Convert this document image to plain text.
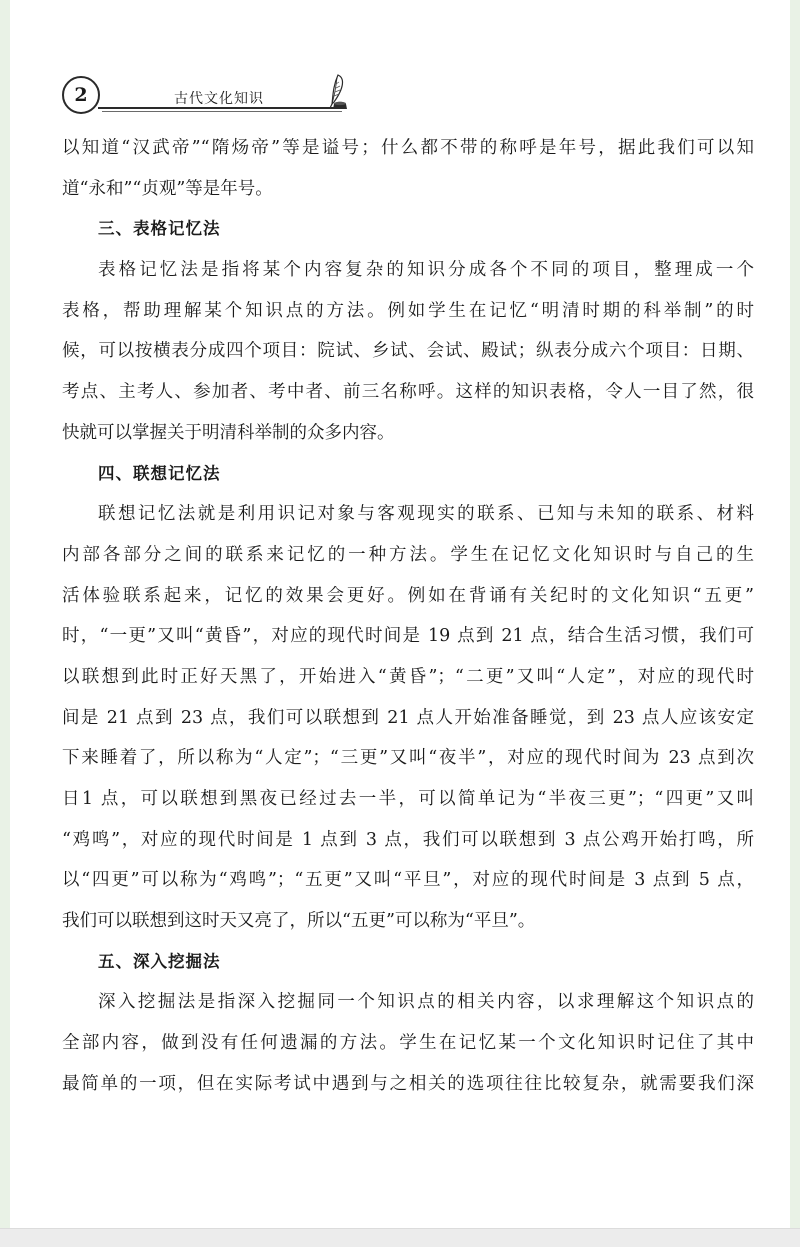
2	古代文化知识
以知道“汉武帝”“隋炀帝”等是谥号；什么都不带的称呼是年号，据此我们可以知
道“永和”“贞观”等是年号。
三、表格记忆法
表格记忆法是指将某个内容复杂的知识分成各个不同的项目，整理成一个
表格，帮助理解某个知识点的方法。例如学生在记忆“明清时期的科举制”的时
候，可以按横表分成四个项目：院试、乡试、会试、殿试；纵表分成六个项目：日期、
考点、主考人、参加者、考中者、前三名称呼。这样的知识表格，令人一目了然，很
快就可以掌握关于明清科举制的众多内容。
四、联想记忆法
联想记忆法就是利用识记对象与客观现实的联系、已知与未知的联系、材料
内部各部分之间的联系来记忆的一种方法。学生在记忆文化知识时与自己的生
活体验联系起来，记忆的效果会更好。例如在背诵有关纪时的文化知识“五更”
时，“一更”又叫“黄昏”，对应的现代时间是 19 点到 21 点，结合生活习惯，我们可
以联想到此时正好天黑了，开始进入“黄昏”；“二更”又叫“人定”，对应的现代时
间是 21 点到 23 点，我们可以联想到 21 点人开始准备睡觉，到 23 点人应该安定
下来睡着了，所以称为“人定”；“三更”又叫“夜半”，对应的现代时间为 23 点到次
日1 点，可以联想到黑夜已经过去一半，可以简单记为“半夜三更”；“四更”又叫
“鸡鸣”，对应的现代时间是 1 点到 3 点，我们可以联想到 3 点公鸡开始打鸣，所
以“四更”可以称为“鸡鸣”；“五更”又叫“平旦”，对应的现代时间是 3 点到 5 点，
我们可以联想到这时天又亮了，所以“五更”可以称为“平旦”。
五、深入挖掘法
深入挖掘法是指深入挖掘同一个知识点的相关内容，以求理解这个知识点的
全部内容，做到没有任何遗漏的方法。学生在记忆某一个文化知识时记住了其中
最简单的一项，但在实际考试中遇到与之相关的选项往往比较复杂，就需要我们深
